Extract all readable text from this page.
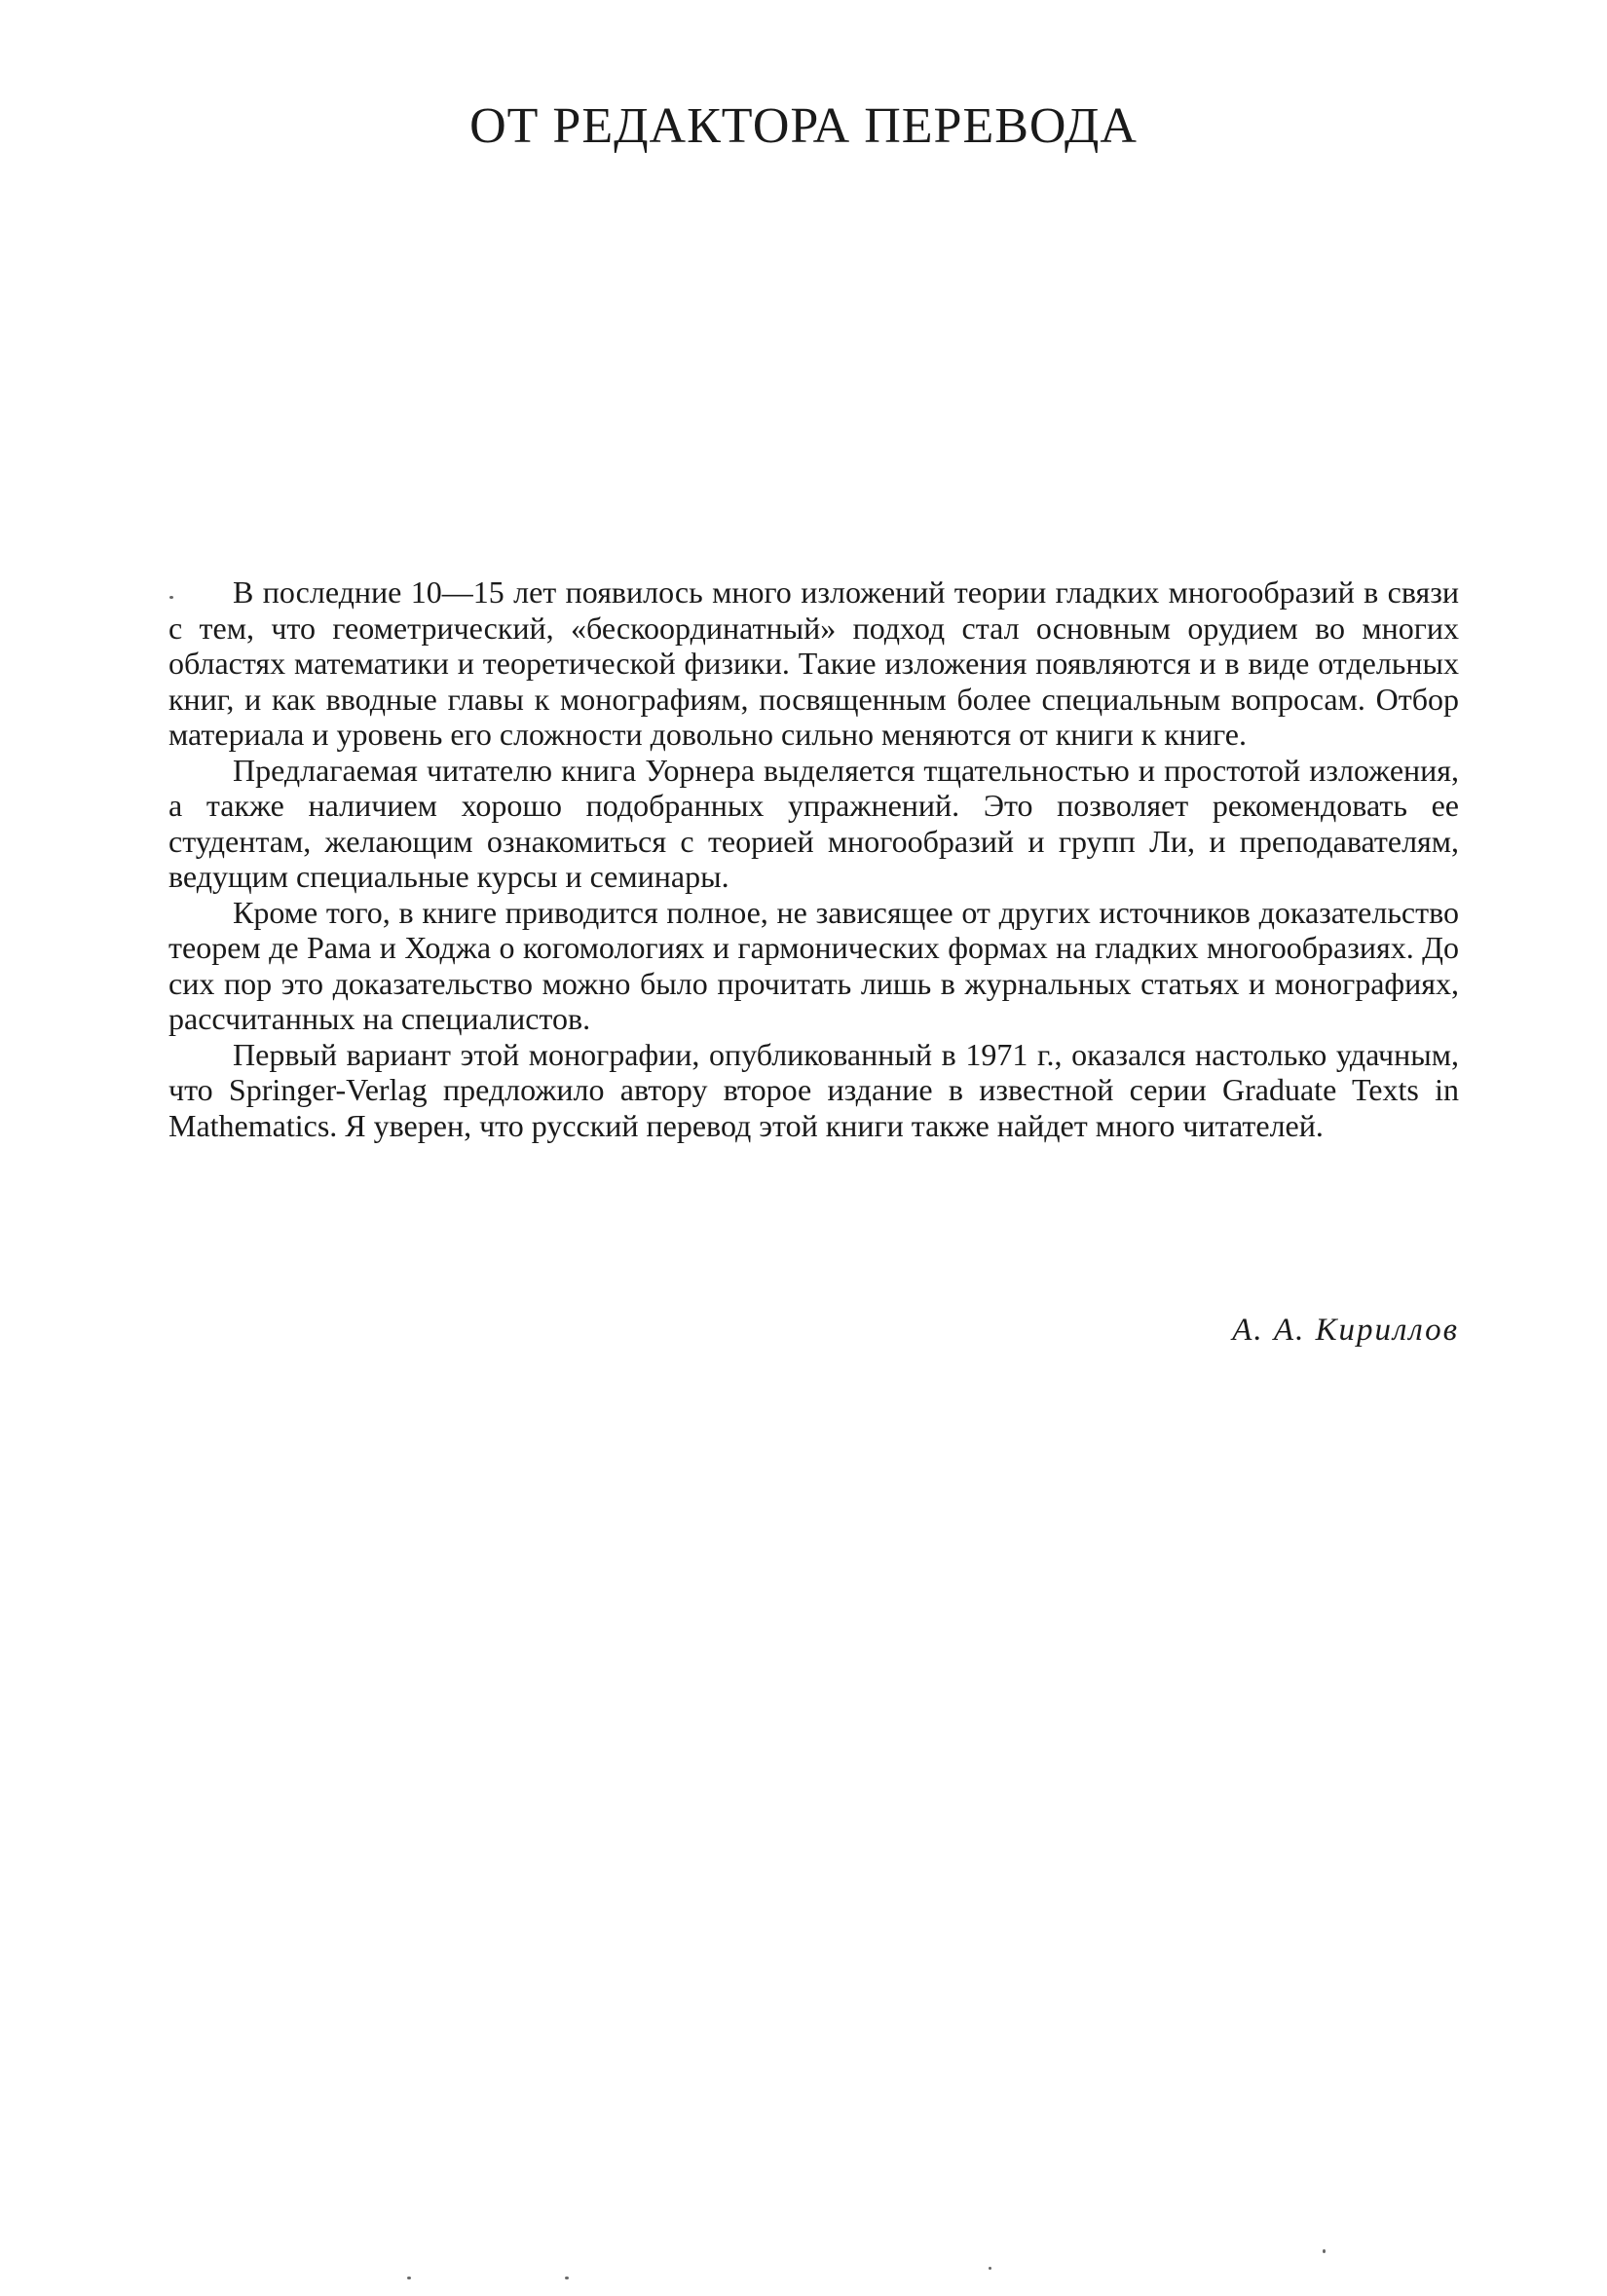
ОТ РЕДАКТОРА ПЕРЕВОДА

В последние 10—15 лет появилось много изложений теории гладких многообразий в связи с тем, что геометрический, «бескоординатный» подход стал основным орудием во многих областях математики и теоретической физики. Такие изложения появляются и в виде отдельных книг, и как вводные главы к монографиям, посвященным более специальным вопросам. Отбор материала и уровень его сложности довольно сильно меняются от книги к книге.

Предлагаемая читателю книга Уорнера выделяется тщательностью и простотой изложения, а также наличием хорошо подобранных упражнений. Это позволяет рекомендовать ее студентам, желающим ознакомиться с теорией многообразий и групп Ли, и преподавателям, ведущим специальные курсы и семинары.

Кроме того, в книге приводится полное, не зависящее от других источников доказательство теорем де Рама и Ходжа о когомологиях и гармонических формах на гладких многообразиях. До сих пор это доказательство можно было прочитать лишь в журнальных статьях и монографиях, рассчитанных на специалистов.

Первый вариант этой монографии, опубликованный в 1971 г., оказался настолько удачным, что Springer-Verlag предложило автору второе издание в известной серии Graduate Texts in Mathematics. Я уверен, что русский перевод этой книги также найдет много читателей.

А. А. Кириллов
